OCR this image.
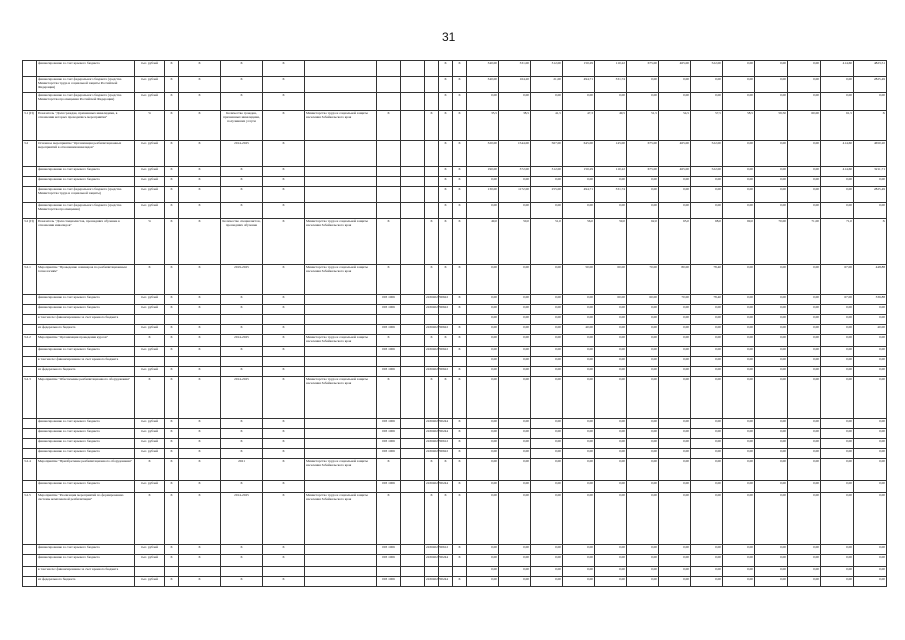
31
	финансирование за счет краевого бюджета	тыс. рублей	X	X	X	X					X	X	340,00	331,00	312,00	150,29	110,22	675,00	465,00	522,00	0,00	0,00	0,00	414,60	4823,51
	финансирование за счет федерального бюджета (средства Министерства труда и социальной защиты Российской Федерации)	тыс. рублей	X	X	X	X					X	X	340,00	164,20	21,00	494,71	331,74	0,00	0,00	0,00	0,00	0,00	0,00	0,00	2825,49
	финансирование за счет федерального бюджета (средства Министерства просвещения Российской Федерации)	тыс. рублей	X	X	X	X					X	X	0,00	0,00	0,00	0,00	0,00	0,00	0,00	0,00	0,00	0,00	0,00	0,00	0,00
3.1 (П)	Показатель "Доля граждан, признанных инвалидами, в отношении которых проводились мероприятия"	%	X	X	Количество граждан, признанных инвалидами, получивших услуги	X	Министерство труда и социальной защиты населения Забайкальского края	X		X	X	X	35,5	38,5	41,5	47,3	49,5	51,5	54,5	57,5	58,5	59,50	60,00	61,5	X
3.2	Основное мероприятие "Организация реабилитационных мероприятий в отношении инвалидов"	тыс. рублей	X	X	2014-2025	X					X	X	320,00	1544,00	567,00	645,00	145,00	675,00	465,00	522,00	0,00	0,00	0,00	414,60	4650,20
	финансирование за счет краевого бюджета	тыс. рублей	X	X	X	X					X	X	190,00	372,00	312,00	150,29	110,22	675,00	465,00	522,00	0,00	0,00	0,00	414,60	3211,71
	финансирование за счет краевого бюджета	тыс. рублей	X	X	X	X					X	X	0,00	0,00	0,00	0,00	0,00	0,00	0,00	0,00	0,00	0,00	0,00	0,00	0,00
	финансирование за счет федерального бюджета (средства Министерства труда и социальной защиты)	тыс. рублей	X	X	X	X					X	X	130,00	1172,00	255,00	494,71	331,74	0,00	0,00	0,00	0,00	0,00	0,00	0,00	2825,49
	финансирование за счет федерального бюджета (средства Министерства просвещения)	тыс. рублей	X	X	X	X					X	X	0,00	0,00	0,00	0,00	0,00	0,00	0,00	0,00	0,00	0,00	0,00	0,00	0,00
3.2 (П)	Показатель "Доля специалистов, прошедших обучение в отношении инвалидов"	%	X	X	Количество специалистов, прошедших обучение	X	Министерство труда и социальной защиты населения Забайкальского края	X		X	X	X	49,0	50,0	51,0	56,0	59,0	62,0	65,0	68,0	69,0	70,00	71,00	71,0	X
3.2.1	Мероприятие "Проведение семинаров по реабилитационным технологиям"	X	X	X	2019-2025	X	Министерство труда и социальной защиты населения Забайкальского края	X		X	X	X	0,00	0,00	0,00	50,00	60,00	70,00	80,00	78,40	0,00	0,00	0,00	67,00	448,88
	финансирование за счет краевого бюджета	тыс. рублей	X	X	X	X		003 1006		2430402700	622	X	0,00	0,00	0,00	0,00	60,00	60,00	70,00	78,40	0,00	0,00	0,00	67,00	336,88
	финансирование за счет краевого бюджета	тыс. рублей	X	X	X	X		003 1006		2430402700	622	X	0,00	0,00	0,00	0,00	0,00	0,00	0,00	0,00	0,00	0,00	0,00	0,00	0,00
	в том числе: финансирование за счет краевого бюджета												0,00	0,00	0,00	0,00	0,00	0,00	0,00	0,00	0,00	0,00	0,00	0,00	0,00
	из федерального бюджета	тыс. рублей	X	X	X	X		003 1006		2430402700	622	X	0,00	0,00	0,00	40,00	0,00	0,00	0,00	0,00	0,00	0,00	0,00	0,00	40,00
3.2.2	Мероприятие "Организация проведения курсов"	X	X	X	2014-2025	X	Министерство труда и социальной защиты населения Забайкальского края	X		X	X	X	0,00	0,00	0,00	0,00	0,00	0,00	0,00	0,00	0,00	0,00	0,00	0,00	0,00
	финансирование за счет краевого бюджета	тыс. рублей	X	X	X	X		003 1006		2430402700	622	X	0,00	0,00	0,00	0,00	0,00	0,00	0,00	0,00	0,00	0,00	0,00	0,00	0,00
	в том числе: финансирование за счет краевого бюджета												0,00	0,00	0,00	0,00	0,00	0,00	0,00	0,00	0,00	0,00	0,00	0,00	0,00
	из федерального бюджета	тыс. рублей	X	X	X	X		003 1006		2430402700	622	X	0,00	0,00	0,00	0,00	0,00	0,00	0,00	0,00	0,00	0,00	0,00	0,00	0,00
3.2.3	Мероприятие "Обеспечение реабилитационного оборудования"	X	X	X	2014-2025	X	Министерство труда и социальной защиты населения Забайкальского края	X		X	X	X	0,00	0,00	0,00	0,00	0,00	0,00	0,00	0,00	0,00	0,00	0,00	0,00	0,00
	финансирование за счет краевого бюджета	тыс. рублей	X	X	X	X		003 1006		2430402700	244	X	0,00	0,00	0,00	0,00	0,00	0,00	0,00	0,00	0,00	0,00	0,00	0,00	0,00
	финансирование за счет краевого бюджета	тыс. рублей	X	X	X	X		003 1006		2430402700	244	X	0,00	0,00	0,00	0,00	0,00	0,00	0,00	0,00	0,00	0,00	0,00	0,00	0,00
	финансирование за счет краевого бюджета	тыс. рублей	X	X	X	X		003 1006		2430402700	612	X	0,00	0,00	0,00	0,00	0,00	0,00	0,00	0,00	0,00	0,00	0,00	0,00	0,00
	финансирование за счет краевого бюджета	тыс. рублей	X	X	X	X		003 1006		2430402700	622	X	0,00	0,00	0,00	0,00	0,00	0,00	0,00	0,00	0,00	0,00	0,00	0,00	0,00
3.2.4	Мероприятие "Приобретение реабилитационного оборудования"	X	X	X	2021	X	Министерство труда и социальной защиты населения Забайкальского края	X		X	X	X	0,00	0,00	0,00	0,00	0,00	0,00	0,00	0,00	0,00	0,00	0,00	0,00	0,00
	финансирование за счет краевого бюджета	тыс. рублей	X	X	X	X		003 1006		2430402700	244	X	0,00	0,00	0,00	0,00	0,00	0,00	0,00	0,00	0,00	0,00	0,00	0,00	0,00
3.2.5	Мероприятие "Реализация мероприятий по формированию системы комплексной реабилитации"	X	X	X	2014-2025	X	Министерство труда и социальной защиты населения Забайкальского края	X		X	X	X	0,00	0,00	0,00	0,00	0,00	0,00	0,00	0,00	0,00	0,00	0,00	0,00	0,00
	финансирование за счет краевого бюджета	тыс. рублей	X	X	X	X		003 1006		2430402700	612	X	0,00	0,00	0,00	0,00	0,00	0,00	0,00	0,00	0,00	0,00	0,00	0,00	0,00
	финансирование за счет краевого бюджета	тыс. рублей	X	X	X	X		003 1006		2430402700	244	X	0,00	0,00	0,00	0,00	0,00	0,00	0,00	0,00	0,00	0,00	0,00	0,00	0,00
	в том числе: финансирование за счет краевого бюджета												0,00	0,00	0,00	0,00	0,00	0,00	0,00	0,00	0,00	0,00	0,00	0,00	0,00
	из федерального бюджета	тыс. рублей	X	X	X	X		003 1006		2430402700	244	X	0,00	0,00	0,00	0,00	0,00	0,00	0,00	0,00	0,00	0,00	0,00	0,00	0,00
